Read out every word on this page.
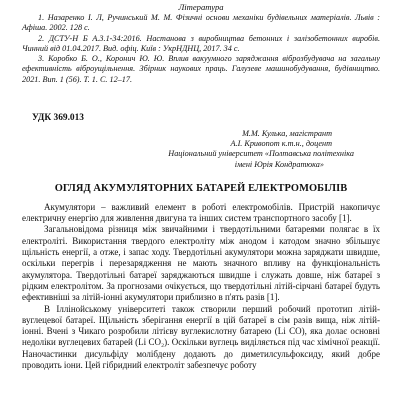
Література

1. Назаренко І. Л, Ручинський М. М. Фізичні основи механіки будівельних матеріалів. Львів : Афіша. 2002. 128 с.
2. ДСТУ-Н Б А.3.1-34:2016. Настанова з виробництва бетонних і залізобетонних виробів. Чинний від 01.04.2017. Вид. офіц. Київ : УкрНДНЦ, 2017. 34 с.
3. Коробко Б. О., Коронич Ю. Ю. Вплив вакуумного заряджання віброзбудувача на загальну ефективність віброущільнення. Збірник наукових праць. Галузеве машинобудування, будівництво. 2021. Вип. 1 (56). Т. 1. С. 12–17.
УДК 369.013
М.М. Кулька, магістрант
А.І. Кривопот к.т.н., доцент
Національний університет «Полтавська політехніка
імені Юрія Кондратюка»
ОГЛЯД АКУМУЛЯТОРНИХ БАТАРЕЙ ЕЛЕКТРОМОБІЛІВ

Акумулятори – важливий елемент в роботі електромобілів. Пристрій накопичує електричну енергію для живлення двигуна та інших систем транспортного засобу [1].

Загальновідома різниця між звичайними і твердотільними батареями полягає в їх електроліті. Використання твердого електроліту між анодом і катодом значно збільшує щільність енергії, а отже, і запас ходу. Твердотільні акумулятори можна заряджати швидше, оскільки перегрів і перезарядження не мають значного впливу на функціональність акумулятора. Твердотільні батареї заряджаються швидше і служать довше, ніж батареї з рідким електролітом. За прогнозами очікується, що твердотільні літій-сірчані батареї будуть ефективніші за літій-іонні акумулятори приблизно в п'ять разів [1].

В Іллінойському університеті також створили перший робочий прототип літій-вуглецевої батареї. Щільність зберігання енергії в цій батареї в сім разів вища, ніж літій-іонні. Вчені з Чикаго розробили літієву вуглекислотну батарею (Li CO), яка долає основні недоліки вуглецевих батарей (Li CO₂). Оскільки вуглець виділяється під час хімічної реакції. Наночастинки дисульфіду молібдену додають до диметилсульфоксиду, який добре проводить іони. Цей гібридний електроліт забезпечує роботу
